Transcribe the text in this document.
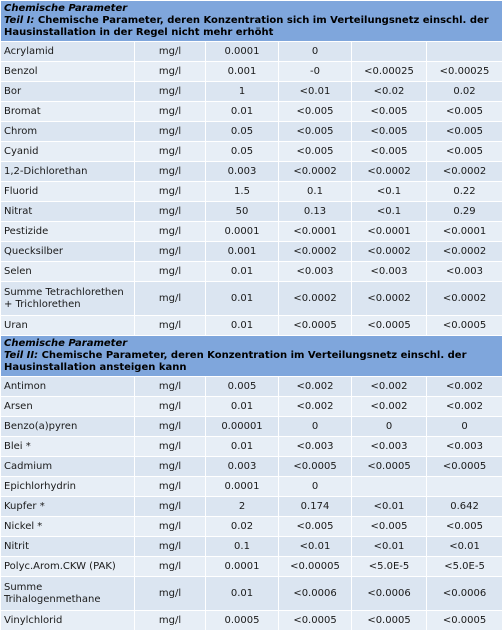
Chemische Parameter
Teil I: Chemische Parameter, deren Konzentration sich im Verteilungsnetz einschl. der Hausinstallation in der Regel nicht mehr erhöht					
Acrylamid	mg/l	0.0001	0		
Benzol	mg/l	0.001	-0	<0.00025	<0.00025
Bor	mg/l	1	<0.01	<0.02	0.02
Bromat	mg/l	0.01	<0.005	<0.005	<0.005
Chrom	mg/l	0.05	<0.005	<0.005	<0.005
Cyanid	mg/l	0.05	<0.005	<0.005	<0.005
1,2-Dichlorethan	mg/l	0.003	<0.0002	<0.0002	<0.0002
Fluorid	mg/l	1.5	0.1	<0.1	0.22
Nitrat	mg/l	50	0.13	<0.1	0.29
Pestizide	mg/l	0.0001	<0.0001	<0.0001	<0.0001
Quecksilber	mg/l	0.001	<0.0002	<0.0002	<0.0002
Selen	mg/l	0.01	<0.003	<0.003	<0.003
Summe Tetrachlorethen + Trichlorethen	mg/l	0.01	<0.0002	<0.0002	<0.0002
Uran	mg/l	0.01	<0.0005	<0.0005	<0.0005

Chemische Parameter
Teil II: Chemische Parameter, deren Konzentration im Verteilungsnetz einschl. der Hausinstallation ansteigen kann					
Antimon	mg/l	0.005	<0.002	<0.002	<0.002
Arsen	mg/l	0.01	<0.002	<0.002	<0.002
Benzo(a)pyren	mg/l	0.00001	0	0	0
Blei *	mg/l	0.01	<0.003	<0.003	<0.003
Cadmium	mg/l	0.003	<0.0005	<0.0005	<0.0005
Epichlorhydrin	mg/l	0.0001	0		
Kupfer *	mg/l	2	0.174	<0.01	0.642
Nickel *	mg/l	0.02	<0.005	<0.005	<0.005
Nitrit	mg/l	0.1	<0.01	<0.01	<0.01
Polyc.Arom.CKW (PAK)	mg/l	0.0001	<0.00005	<5.0E-5	<5.0E-5
Summe Trihalogenmethane	mg/l	0.01	<0.0006	<0.0006	<0.0006
Vinylchlorid	mg/l	0.0005	<0.0005	<0.0005	<0.0005
